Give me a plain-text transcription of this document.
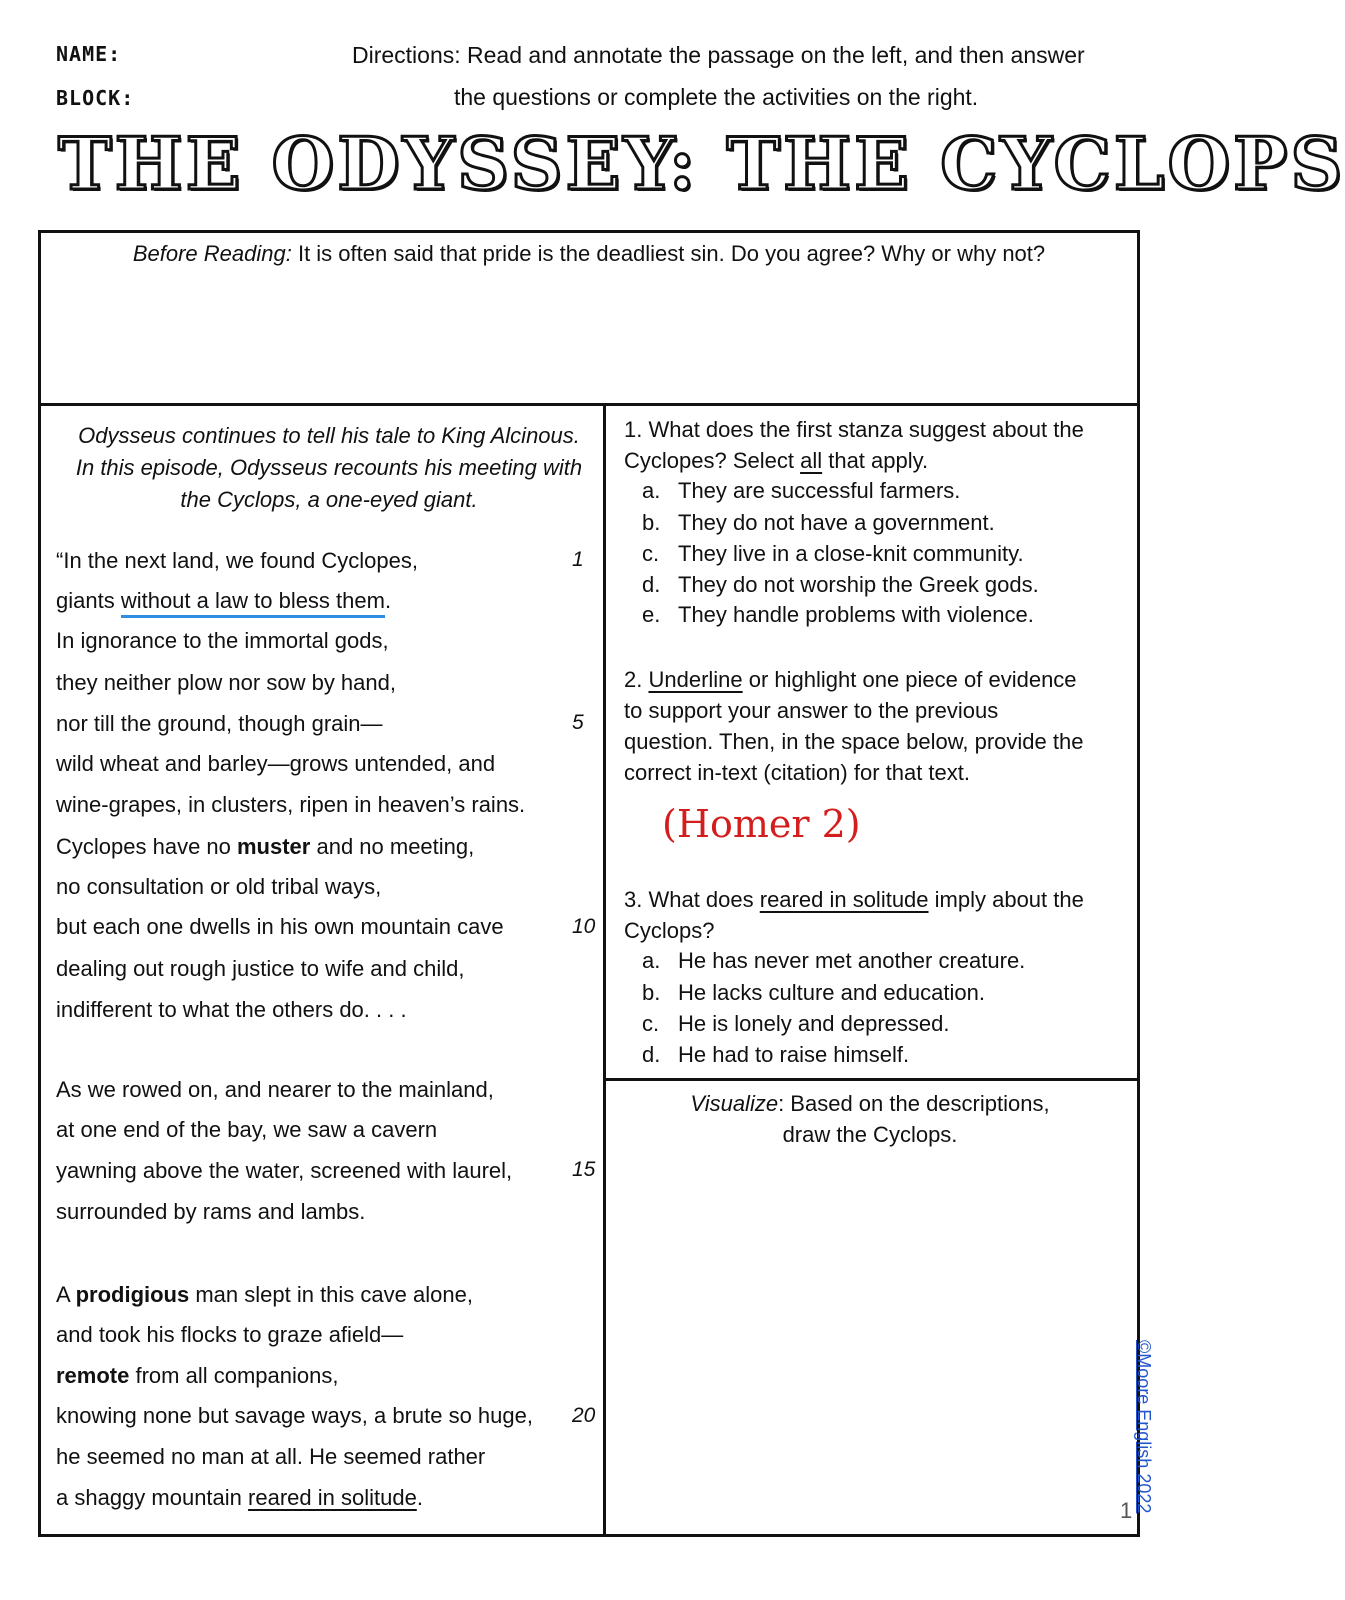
NAME:
BLOCK:
Directions: Read and annotate the passage on the left, and then answer
the questions or complete the activities on the right.
THE ODYSSEY: THE CYCLOPS
Before Reading: It is often said that pride is the deadliest sin. Do you agree? Why or why not?
Odysseus continues to tell his tale to King Alcinous.
In this episode, Odysseus recounts his meeting with
the Cyclops, a one-eyed giant.
“In the next land, we found Cyclopes,
giants without a law to bless them.
In ignorance to the immortal gods,
they neither plow nor sow by hand,
nor till the ground, though grain—
wild wheat and barley—grows untended, and
wine-grapes, in clusters, ripen in heaven’s rains.
Cyclopes have no muster and no meeting,
no consultation or old tribal ways,
but each one dwells in his own mountain cave
dealing out rough justice to wife and child,
indifferent to what the others do. . . .
As we rowed on, and nearer to the mainland,
at one end of the bay, we saw a cavern
yawning above the water, screened with laurel,
surrounded by rams and lambs.
A prodigious man slept in this cave alone,
and took his flocks to graze afield—
remote from all companions,
knowing none but savage ways, a brute so huge,
he seemed no man at all. He seemed rather
a shaggy mountain reared in solitude.
1
5
10
15
20
1. What does the first stanza suggest about the
Cyclopes? Select all that apply.
a. They are successful farmers.
b. They do not have a government.
c. They live in a close-knit community.
d. They do not worship the Greek gods.
e. They handle problems with violence.
2. Underline or highlight one piece of evidence
to support your answer to the previous
question. Then, in the space below, provide the
correct in-text (citation) for that text.
(Homer 2)
3. What does reared in solitude imply about the
Cyclops?
a. He has never met another creature.
b. He lacks culture and education.
c. He is lonely and depressed.
d. He had to raise himself.
Visualize: Based on the descriptions,
draw the Cyclops.
©Moore English 2022
1
